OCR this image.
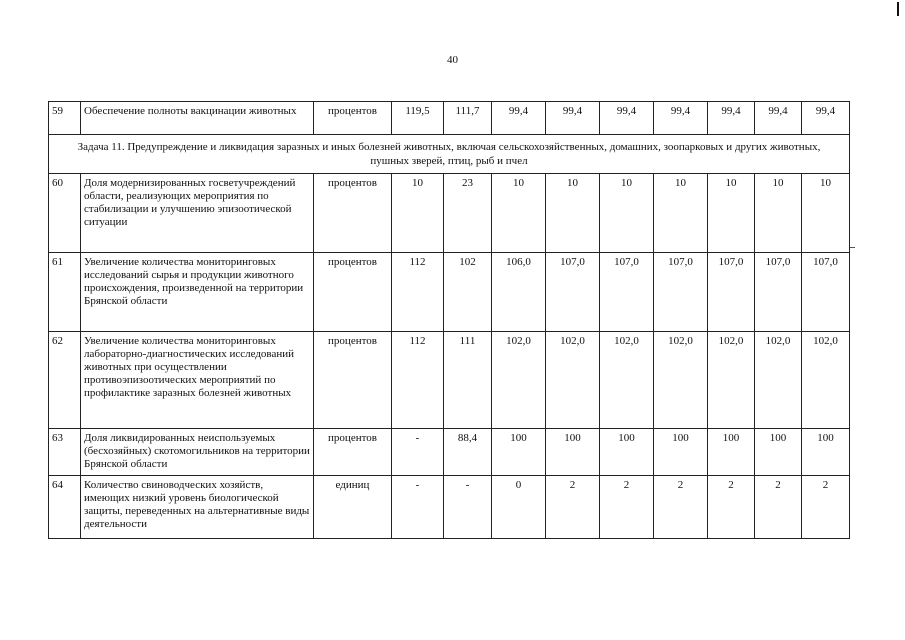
40
59	Обеспечение полноты вакцинации животных	процентов	119,5	111,7	99,4	99,4	99,4	99,4	99,4	99,4	99,4
Задача 11. Предупреждение и ликвидация заразных и иных болезней животных, включая сельскохозяйственных, домашних, зоопарковых и других животных, пушных зверей, птиц, рыб и пчел											
60	Доля модернизированных госветучреждений области, реализующих мероприятия по стабилизации и улучшению эпизоотической ситуации	процентов	10	23	10	10	10	10	10	10	10
61	Увеличение количества мониторинговых исследований сырья и продукции животного происхождения, произведенной на территории Брянской области	процентов	112	102	106,0	107,0	107,0	107,0	107,0	107,0	107,0
62	Увеличение количества мониторинговых лабораторно-диагностических исследований животных при осуществлении противоэпизоотических мероприятий по профилактике заразных болезней животных	процентов	112	111	102,0	102,0	102,0	102,0	102,0	102,0	102,0
63	Доля ликвидированных неиспользуемых (бесхозяйных) скотомогильников на территории Брянской области	процентов	-	88,4	100	100	100	100	100	100	100
64	Количество свиноводческих хозяйств, имеющих низкий уровень биологической защиты, переведенных на альтернативные виды деятельности	единиц	-	-	0	2	2	2	2	2	2
